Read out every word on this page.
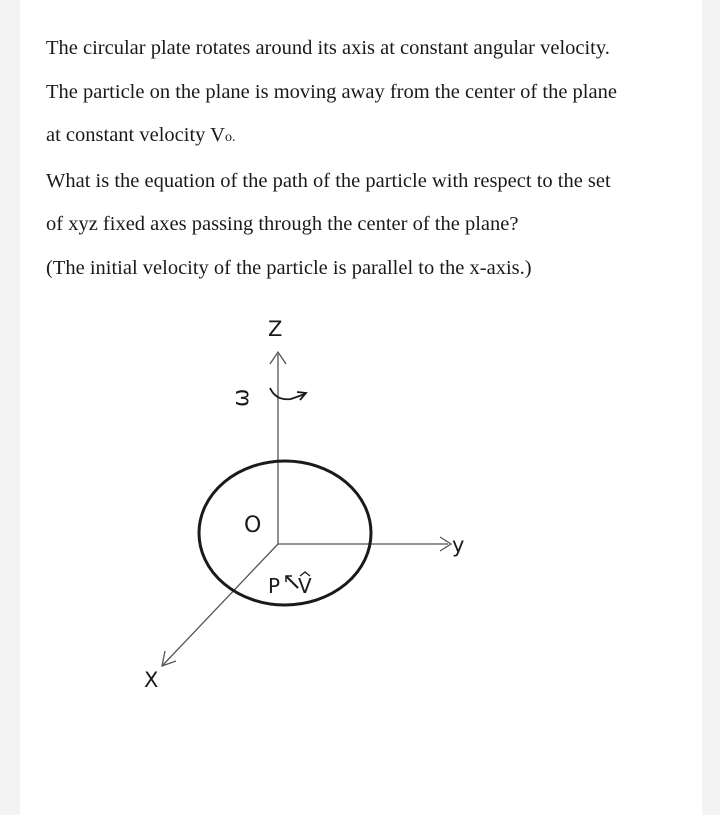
The circular plate rotates around its axis at constant angular velocity.

The particle on the plane is moving away from the center of the plane

at constant velocity Vo.

What is the equation of the path of the particle with respect to the set

of xyz fixed axes passing through the center of the plane?

(The initial velocity of the particle is parallel to the x-axis.)

Z
y
X
ω
O
P V
